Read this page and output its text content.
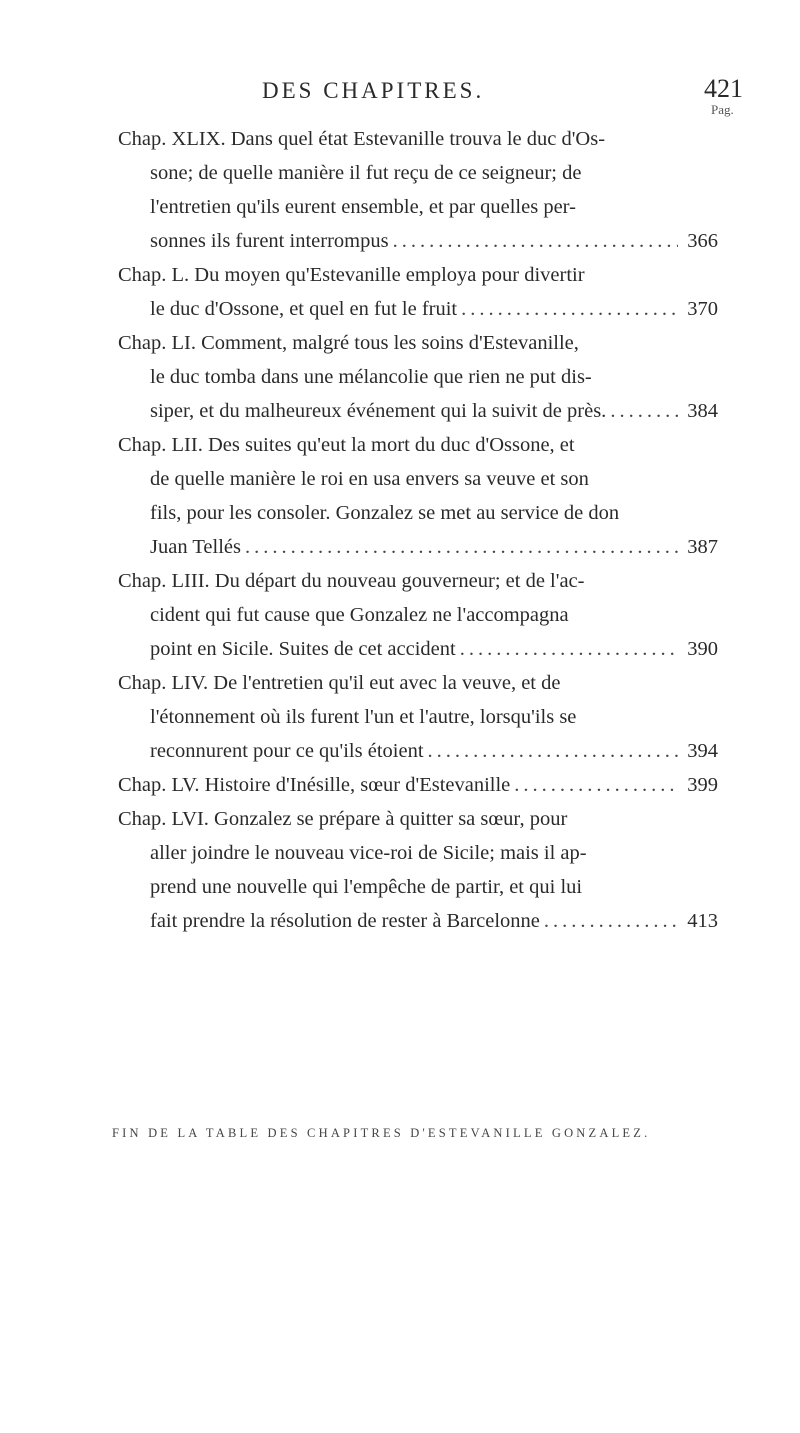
DES CHAPITRES.	421
Pag.
Chap. XLIX. Dans quel état Estevanille trouva le duc d'Os-
sone; de quelle manière il fut reçu de ce seigneur; de
l'entretien qu'ils eurent ensemble, et par quelles per-
sonnes ils furent interrompus .....	366
Chap. L. Du moyen qu'Estevanille employa pour divertir
le duc d'Ossone, et quel en fut le fruit .....	370
Chap. LI. Comment, malgré tous les soins d'Estevanille,
le duc tomba dans une mélancolie que rien ne put dis-
siper, et du malheureux événement qui la suivit de près. .....	384
Chap. LII. Des suites qu'eut la mort du duc d'Ossone, et
de quelle manière le roi en usa envers sa veuve et son
fils, pour les consoler. Gonzalez se met au service de don
Juan Tellés .....	387
Chap. LIII. Du départ du nouveau gouverneur; et de l'ac-
cident qui fut cause que Gonzalez ne l'accompagna
point en Sicile. Suites de cet accident .....	390
Chap. LIV. De l'entretien qu'il eut avec la veuve, et de
l'étonnement où ils furent l'un et l'autre, lorsqu'ils se
reconnurent pour ce qu'ils étoient .....	394
Chap. LV. Histoire d'Inésille, sœur d'Estevanille .....	399
Chap. LVI. Gonzalez se prépare à quitter sa sœur, pour
aller joindre le nouveau vice-roi de Sicile; mais il ap-
prend une nouvelle qui l'empêche de partir, et qui lui
fait prendre la résolution de rester à Barcelonne .....	413
FIN DE LA TABLE DES CHAPITRES D'ESTEVANILLE GONZALEZ.
